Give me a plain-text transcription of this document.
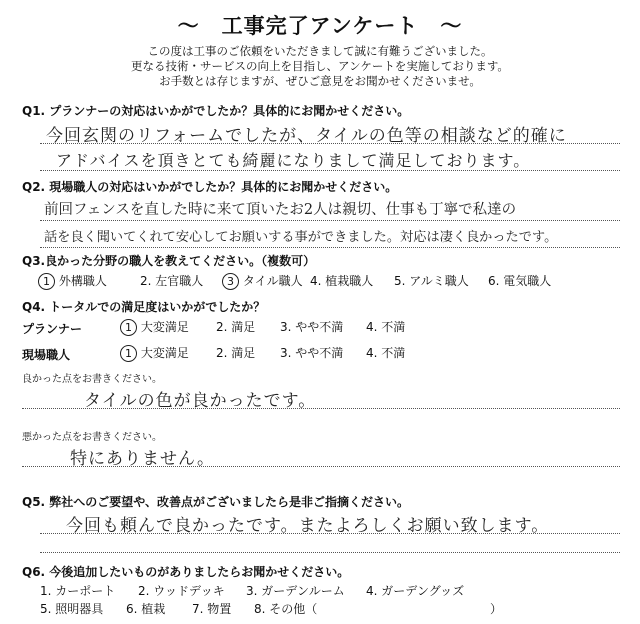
～　工事完了アンケート　～
この度は工事のご依頼をいただきまして誠に有難うございました。
更なる技術・サービスの向上を目指し、アンケートを実施しております。
お手数とは存じますが、ぜひご意見をお聞かせくださいませ。
Q1. プランナーの対応はいかがでしたか？具体的にお聞かせください。
今回玄関のリフォームでしたが、タイルの色等の相談など的確に
アドバイスを頂きとても綺麗になりまして満足しております。
Q2. 現場職人の対応はいかがでしたか？具体的にお聞かせください。
前回フェンスを直した時に来て頂いたお2人は親切、仕事も丁寧で私達の
話を良く聞いてくれて安心してお願いする事ができました。対応は凄く良かったです。
Q3.良かった分野の職人を教えてください。（複数可）
1 外構職人	2. 左官職人	3 タイル職人 4. 植栽職人 5. アルミ職人 6. 電気職人
Q4. トータルでの満足度はいかがでしたか？
プランナー	1 大変満足 2. 満足 3. やや不満 4. 不満
現場職人	1 大変満足 2. 満足 3. やや不満 4. 不満
良かった点をお書きください。
タイルの色が良かったです。
悪かった点をお書きください。
特にありません。
Q5. 弊社へのご要望や、改善点がございましたら是非ご指摘ください。
今回も頼んで良かったです。またよろしくお願い致します。
Q6. 今後追加したいものがありましたらお聞かせください。
1. カーポート 2. ウッドデッキ 3. ガーデンルーム 4. ガーデングッズ
5. 照明器具 6. 植栽 7. 物置 8. その他（	）
